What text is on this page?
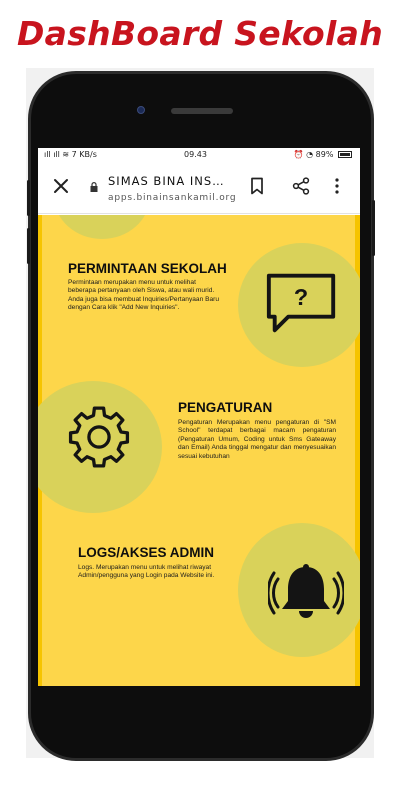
DashBoard Sekolah
ıll ıll ≋ 7 KB/s	09.43	⏰ ◔ 89%
SIMAS BINA INS…
apps.binainsankamil.org
PERMINTAAN SEKOLAH
Permintaan merupakan menu untuk melihat beberapa pertanyaan oleh Siswa, atau wali murid. Anda juga bisa membuat Inquiries/Pertanyaan Baru dengan Cara klik "Add New Inquiries".	?
PENGATURAN
Pengaturan Merupakan menu pengaturan di "SM School" terdapat berbagai macam pengaturan (Pengaturan Umum, Coding untuk Sms Gateaway dan Email) Anda tinggal mengatur dan menyesuaikan sesuai kebutuhan
LOGS/AKSES ADMIN
Logs. Merupakan menu untuk melihat riwayat Admin/pengguna yang Login pada Website ini.
